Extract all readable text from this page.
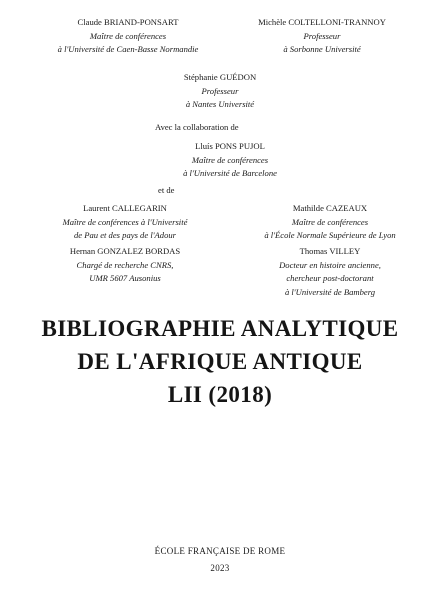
Claude BRIAND-PONSART
Maître de conférences
à l'Université de Caen-Basse Normandie
Michèle COLTELLONI-TRANNOY
Professeur
à Sorbonne Université
Stéphanie GUÉDON
Professeur
à Nantes Université
Avec la collaboration de
Lluís PONS PUJOL
Maître de conférences
à l'Université de Barcelone
et de
Laurent CALLEGARIN
Maître de conférences à l'Université
de Pau et des pays de l'Adour
Mathilde CAZEAUX
Maître de conférences
à l'École Normale Supérieure de Lyon
Hernan GONZALEZ BORDAS
Chargé de recherche CNRS,
UMR 5607 Ausonius
Thomas VILLEY
Docteur en histoire ancienne,
chercheur post-doctorant
à l'Université de Bamberg
BIBLIOGRAPHIE ANALYTIQUE
DE L'AFRIQUE ANTIQUE
LII (2018)
ÉCOLE FRANÇAISE DE ROME
2023
